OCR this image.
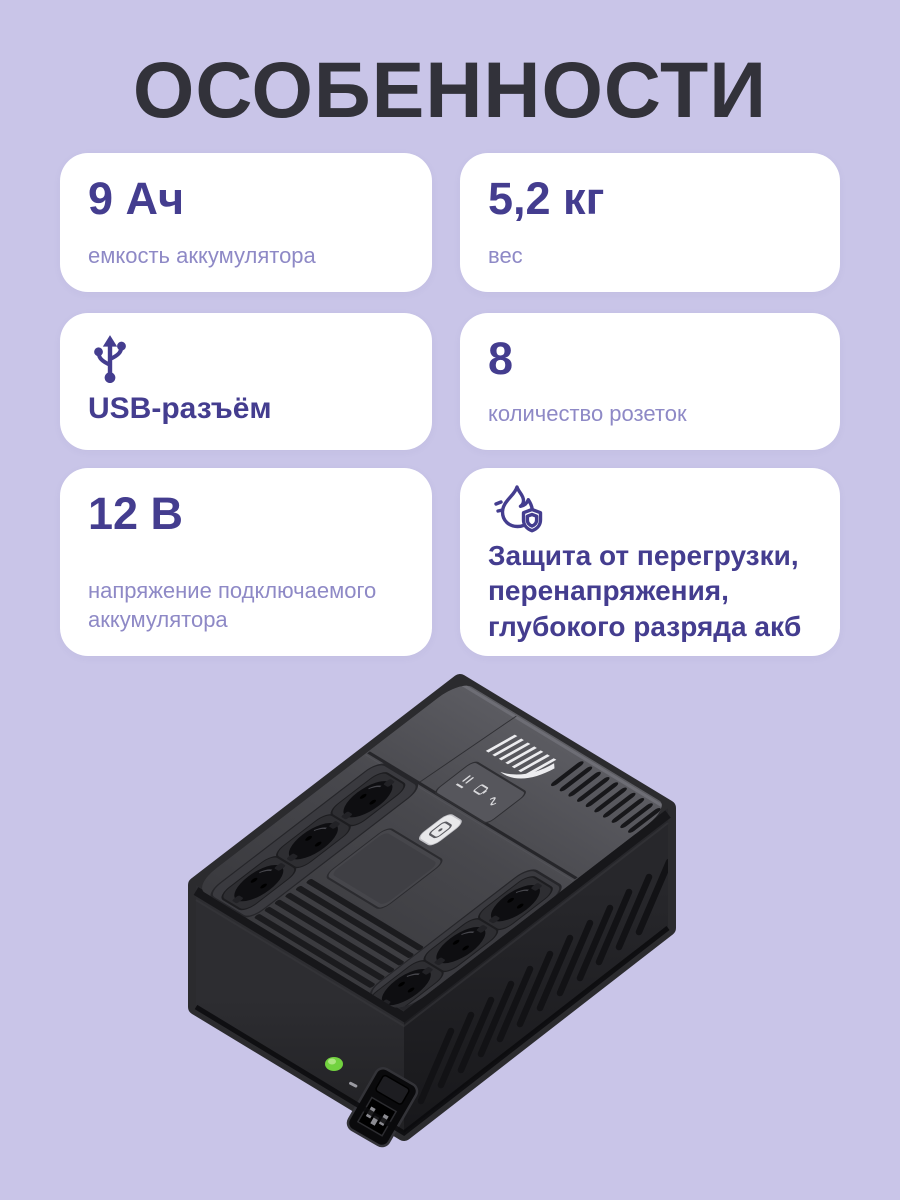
ОСОБЕННОСТИ
9 Ач
емкость аккумулятора
5,2 кг
вес
USB-разъём
8
количество розеток
12 В
напряжение подключаемого аккумулятора
Защита от перегрузки, перенапряжения, глубокого разряда акб
